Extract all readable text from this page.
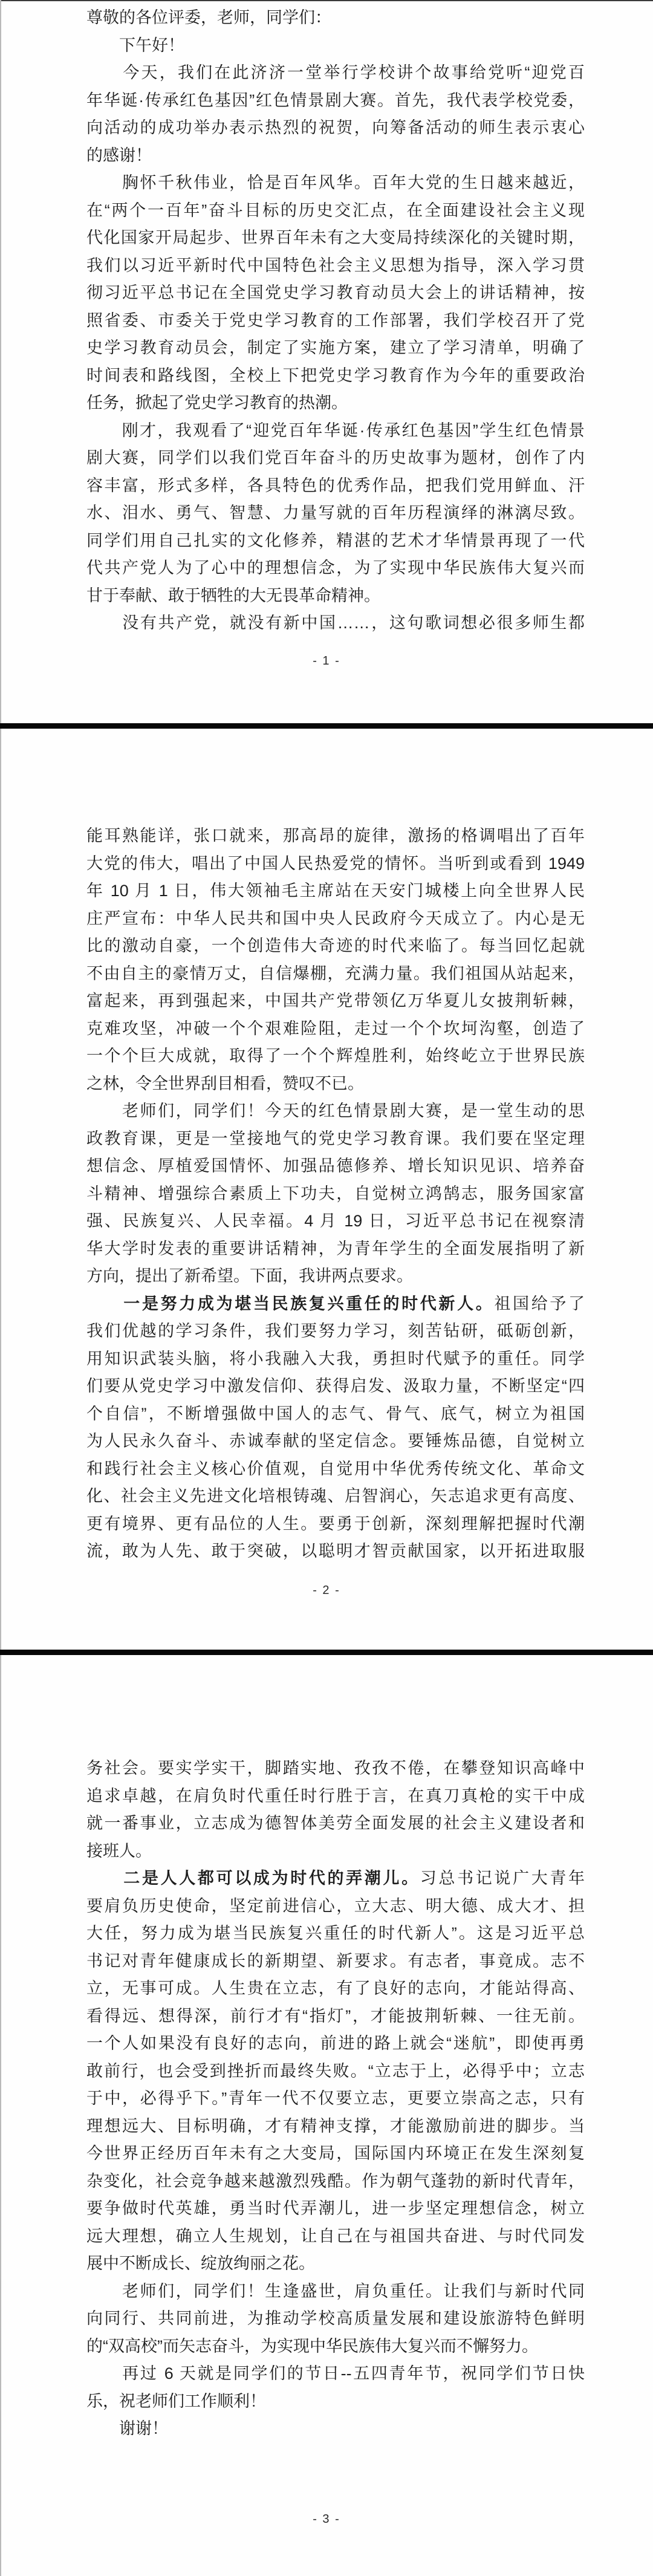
尊敬的各位评委，老师，同学们：
　　下午好！
　　今天，我们在此济济一堂举行学校讲个故事给党听“迎党百
年华诞·传承红色基因”红色情景剧大赛。首先，我代表学校党委，
向活动的成功举办表示热烈的祝贺，向筹备活动的师生表示衷心
的感谢！
　　胸怀千秋伟业，恰是百年风华。百年大党的生日越来越近，
在“两个一百年”奋斗目标的历史交汇点，在全面建设社会主义现
代化国家开局起步、世界百年未有之大变局持续深化的关键时期，
我们以习近平新时代中国特色社会主义思想为指导，深入学习贯
彻习近平总书记在全国党史学习教育动员大会上的讲话精神，按
照省委、市委关于党史学习教育的工作部署，我们学校召开了党
史学习教育动员会，制定了实施方案，建立了学习清单，明确了
时间表和路线图，全校上下把党史学习教育作为今年的重要政治
任务，掀起了党史学习教育的热潮。
　　刚才，我观看了“迎党百年华诞·传承红色基因”学生红色情景
剧大赛，同学们以我们党百年奋斗的历史故事为题材，创作了内
容丰富，形式多样，各具特色的优秀作品，把我们党用鲜血、汗
水、泪水、勇气、智慧、力量写就的百年历程演绎的淋漓尽致。
同学们用自己扎实的文化修养，精湛的艺术才华情景再现了一代
代共产党人为了心中的理想信念，为了实现中华民族伟大复兴而
甘于奉献、敢于牺牲的大无畏革命精神。
　　没有共产党，就没有新中国……，这句歌词想必很多师生都
- 1 -
能耳熟能详，张口就来，那高昂的旋律，激扬的格调唱出了百年
大党的伟大，唱出了中国人民热爱党的情怀。当听到或看到 1949
年 10 月 1 日，伟大领袖毛主席站在天安门城楼上向全世界人民
庄严宣布：中华人民共和国中央人民政府今天成立了。内心是无
比的激动自豪，一个创造伟大奇迹的时代来临了。每当回忆起就
不由自主的豪情万丈，自信爆棚，充满力量。我们祖国从站起来，
富起来，再到强起来，中国共产党带领亿万华夏儿女披荆斩棘，
克难攻坚，冲破一个个艰难险阻，走过一个个坎坷沟壑，创造了
一个个巨大成就，取得了一个个辉煌胜利，始终屹立于世界民族
之林，令全世界刮目相看，赞叹不已。
　　老师们，同学们！今天的红色情景剧大赛，是一堂生动的思
政教育课，更是一堂接地气的党史学习教育课。我们要在坚定理
想信念、厚植爱国情怀、加强品德修养、增长知识见识、培养奋
斗精神、增强综合素质上下功夫，自觉树立鸿鹄志，服务国家富
强、民族复兴、人民幸福。4 月 19 日，习近平总书记在视察清
华大学时发表的重要讲话精神，为青年学生的全面发展指明了新
方向，提出了新希望。下面，我讲两点要求。
　　一是努力成为堪当民族复兴重任的时代新人。祖国给予了
我们优越的学习条件，我们要努力学习，刻苦钻研，砥砺创新，
用知识武装头脑，将小我融入大我，勇担时代赋予的重任。同学
们要从党史学习中激发信仰、获得启发、汲取力量，不断坚定“四
个自信”，不断增强做中国人的志气、骨气、底气，树立为祖国
为人民永久奋斗、赤诚奉献的坚定信念。要锤炼品德，自觉树立
和践行社会主义核心价值观，自觉用中华优秀传统文化、革命文
化、社会主义先进文化培根铸魂、启智润心，矢志追求更有高度、
更有境界、更有品位的人生。要勇于创新，深刻理解把握时代潮
流，敢为人先、敢于突破，以聪明才智贡献国家，以开拓进取服
- 2 -
务社会。要实学实干，脚踏实地、孜孜不倦，在攀登知识高峰中
追求卓越，在肩负时代重任时行胜于言，在真刀真枪的实干中成
就一番事业，立志成为德智体美劳全面发展的社会主义建设者和
接班人。
　　二是人人都可以成为时代的弄潮儿。习总书记说广大青年
要肩负历史使命，坚定前进信心，立大志、明大德、成大才、担
大任，努力成为堪当民族复兴重任的时代新人”。这是习近平总
书记对青年健康成长的新期望、新要求。有志者，事竟成。志不
立，无事可成。人生贵在立志，有了良好的志向，才能站得高、
看得远、想得深，前行才有“指灯”，才能披荆斩棘、一往无前。
一个人如果没有良好的志向，前进的路上就会“迷航”，即使再勇
敢前行，也会受到挫折而最终失败。“立志于上，必得乎中；立志
于中，必得乎下。”青年一代不仅要立志，更要立崇高之志，只有
理想远大、目标明确，才有精神支撑，才能激励前进的脚步。当
今世界正经历百年未有之大变局，国际国内环境正在发生深刻复
杂变化，社会竞争越来越激烈残酷。作为朝气蓬勃的新时代青年，
要争做时代英雄，勇当时代弄潮儿，进一步坚定理想信念，树立
远大理想，确立人生规划，让自己在与祖国共奋进、与时代同发
展中不断成长、绽放绚丽之花。
　　老师们，同学们！生逢盛世，肩负重任。让我们与新时代同
向同行、共同前进，为推动学校高质量发展和建设旅游特色鲜明
的“双高校”而矢志奋斗，为实现中华民族伟大复兴而不懈努力。
　　再过 6 天就是同学们的节日--五四青年节，祝同学们节日快
乐，祝老师们工作顺利！
　　谢谢！
- 3 -
